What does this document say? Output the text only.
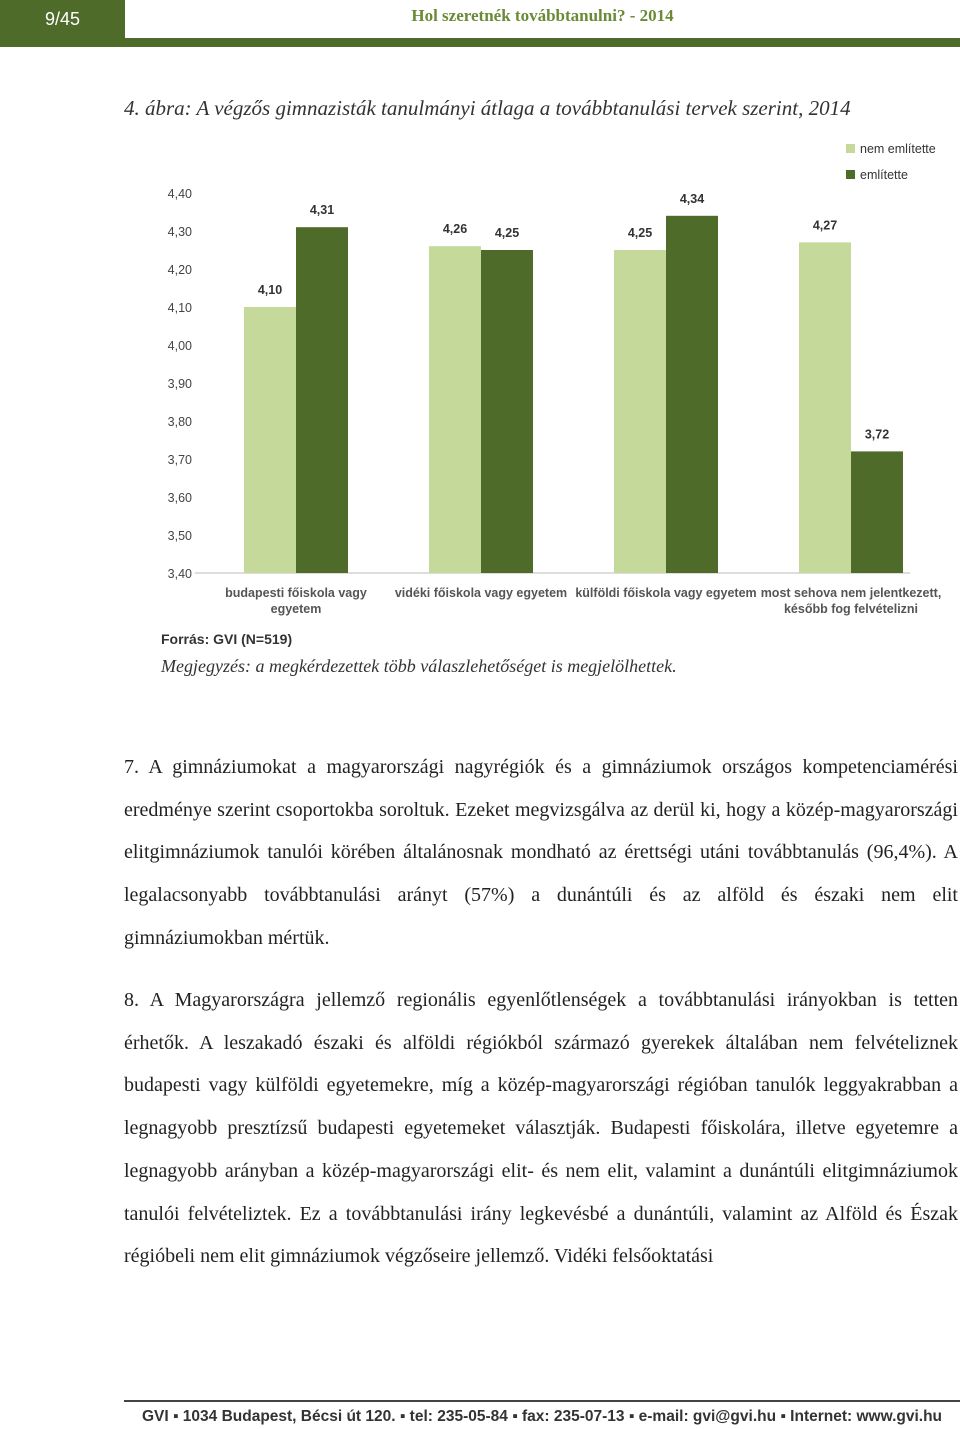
9/45	Hol szeretnék továbbtanulni? - 2014
4. ábra: A végzős gimnazisták tanulmányi átlaga a továbbtanulási tervek szerint, 2014
3,40
3,50
3,60
3,70
3,80
3,90
4,00
4,10
4,20
4,30
4,40
4,10
4,26	4,25
4,27
4,31
4,25
4,34
3,72
budapesti főiskola vagy
egyetem
vidéki főiskola vagy egyetem külföldi főiskola vagy egyetem most sehova nem jelentkezett,
később fog felvételizni
nem említette
említette
Forrás: GVI (N=519)
Megjegyzés: a megkérdezettek több válaszlehetőséget is megjelölhettek.
7. A gimnáziumokat a magyarországi nagyrégiók és a gimnáziumok országos kompetenciamérési eredménye szerint csoportokba soroltuk. Ezeket megvizsgálva az derül ki, hogy a közép-magyarországi elitgimnáziumok tanulói körében általánosnak mondható az érettségi utáni továbbtanulás (96,4%). A legalacsonyabb továbbtanulási arányt (57%) a dunántúli és az alföld és északi nem elit gimnáziumokban mértük.
8. A Magyarországra jellemző regionális egyenlőtlenségek a továbbtanulási irányokban is tetten érhetők. A leszakadó északi és alföldi régiókból származó gyerekek általában nem felvételiznek budapesti vagy külföldi egyetemekre, míg a közép-magyarországi régióban tanulók leggyakrabban a legnagyobb presztízsű budapesti egyetemeket választják. Budapesti főiskolára, illetve egyetemre a legnagyobb arányban a közép-magyarországi elit- és nem elit, valamint a dunántúli elitgimnáziumok tanulói felvételiztek. Ez a továbbtanulási irány legkevésbé a dunántúli, valamint az Alföld és Észak régióbeli nem elit gimnáziumok végzőseire jellemző. Vidéki felsőoktatási
GVI ▪ 1034 Budapest, Bécsi út 120. ▪ tel: 235-05-84 ▪ fax: 235-07-13 ▪ e-mail: gvi@gvi.hu ▪ Internet: www.gvi.hu
